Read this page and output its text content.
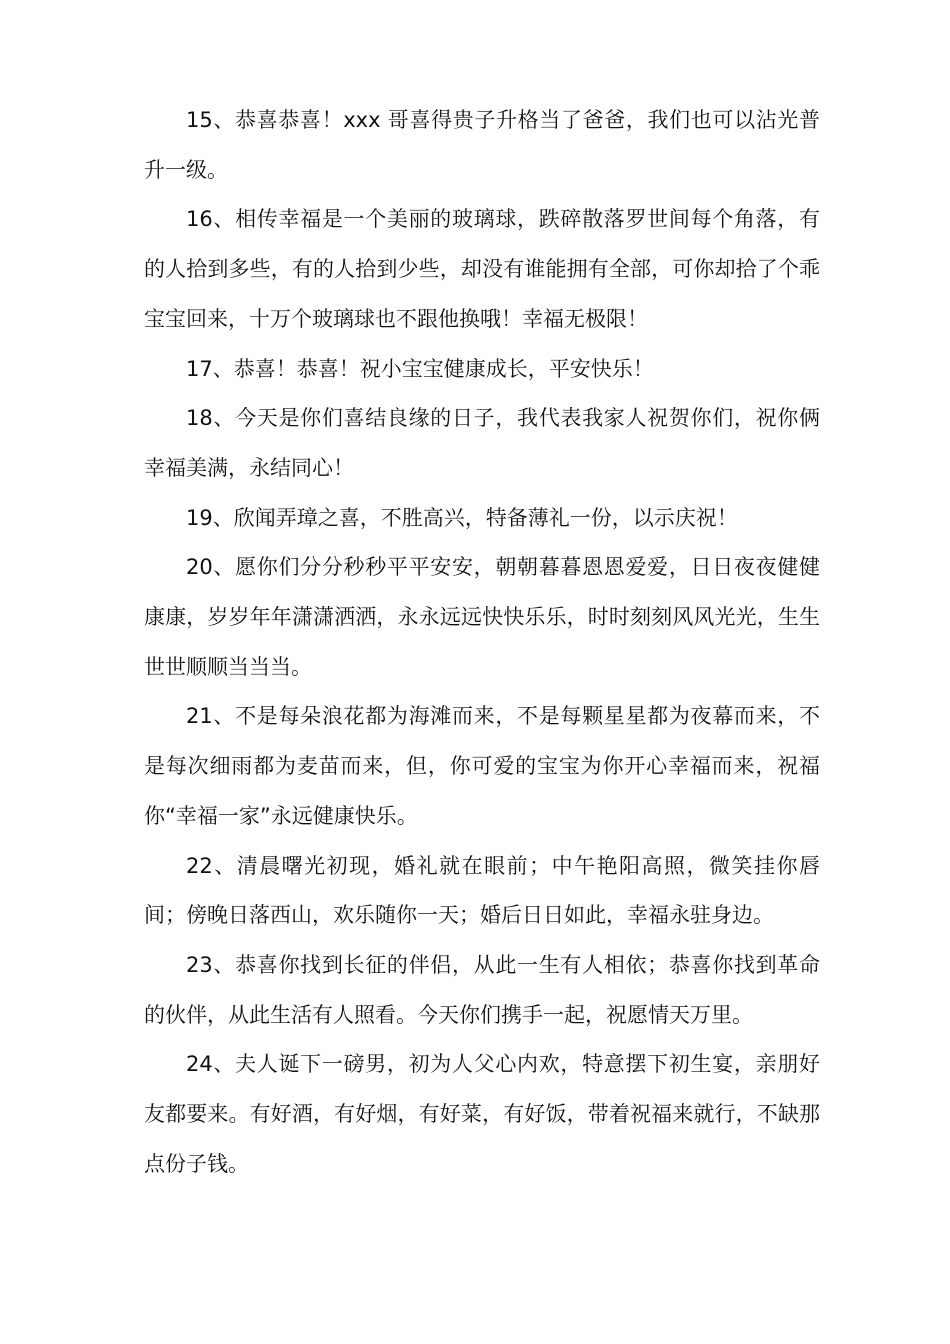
15、恭喜恭喜！xxx 哥喜得贵子升格当了爸爸，我们也可以沾光普升一级。

16、相传幸福是一个美丽的玻璃球，跌碎散落罗世间每个角落，有的人拾到多些，有的人拾到少些，却没有谁能拥有全部，可你却拾了个乖宝宝回来，十万个玻璃球也不跟他换哦！幸福无极限！

17、恭喜！恭喜！祝小宝宝健康成长，平安快乐！

18、今天是你们喜结良缘的日子，我代表我家人祝贺你们，祝你俩幸福美满，永结同心！

19、欣闻弄璋之喜，不胜高兴，特备薄礼一份，以示庆祝！

20、愿你们分分秒秒平平安安，朝朝暮暮恩恩爱爱，日日夜夜健健康康，岁岁年年潇潇洒洒，永永远远快快乐乐，时时刻刻风风光光，生生世世顺顺当当当。

21、不是每朵浪花都为海滩而来，不是每颗星星都为夜幕而来，不是每次细雨都为麦苗而来，但，你可爱的宝宝为你开心幸福而来，祝福你“幸福一家”永远健康快乐。

22、清晨曙光初现，婚礼就在眼前；中午艳阳高照，微笑挂你唇间；傍晚日落西山，欢乐随你一天；婚后日日如此，幸福永驻身边。

23、恭喜你找到长征的伴侣，从此一生有人相依；恭喜你找到革命的伙伴，从此生活有人照看。今天你们携手一起，祝愿情天万里。

24、夫人诞下一磅男，初为人父心内欢，特意摆下初生宴，亲朋好友都要来。有好酒，有好烟，有好菜，有好饭，带着祝福来就行，不缺那点份子钱。
